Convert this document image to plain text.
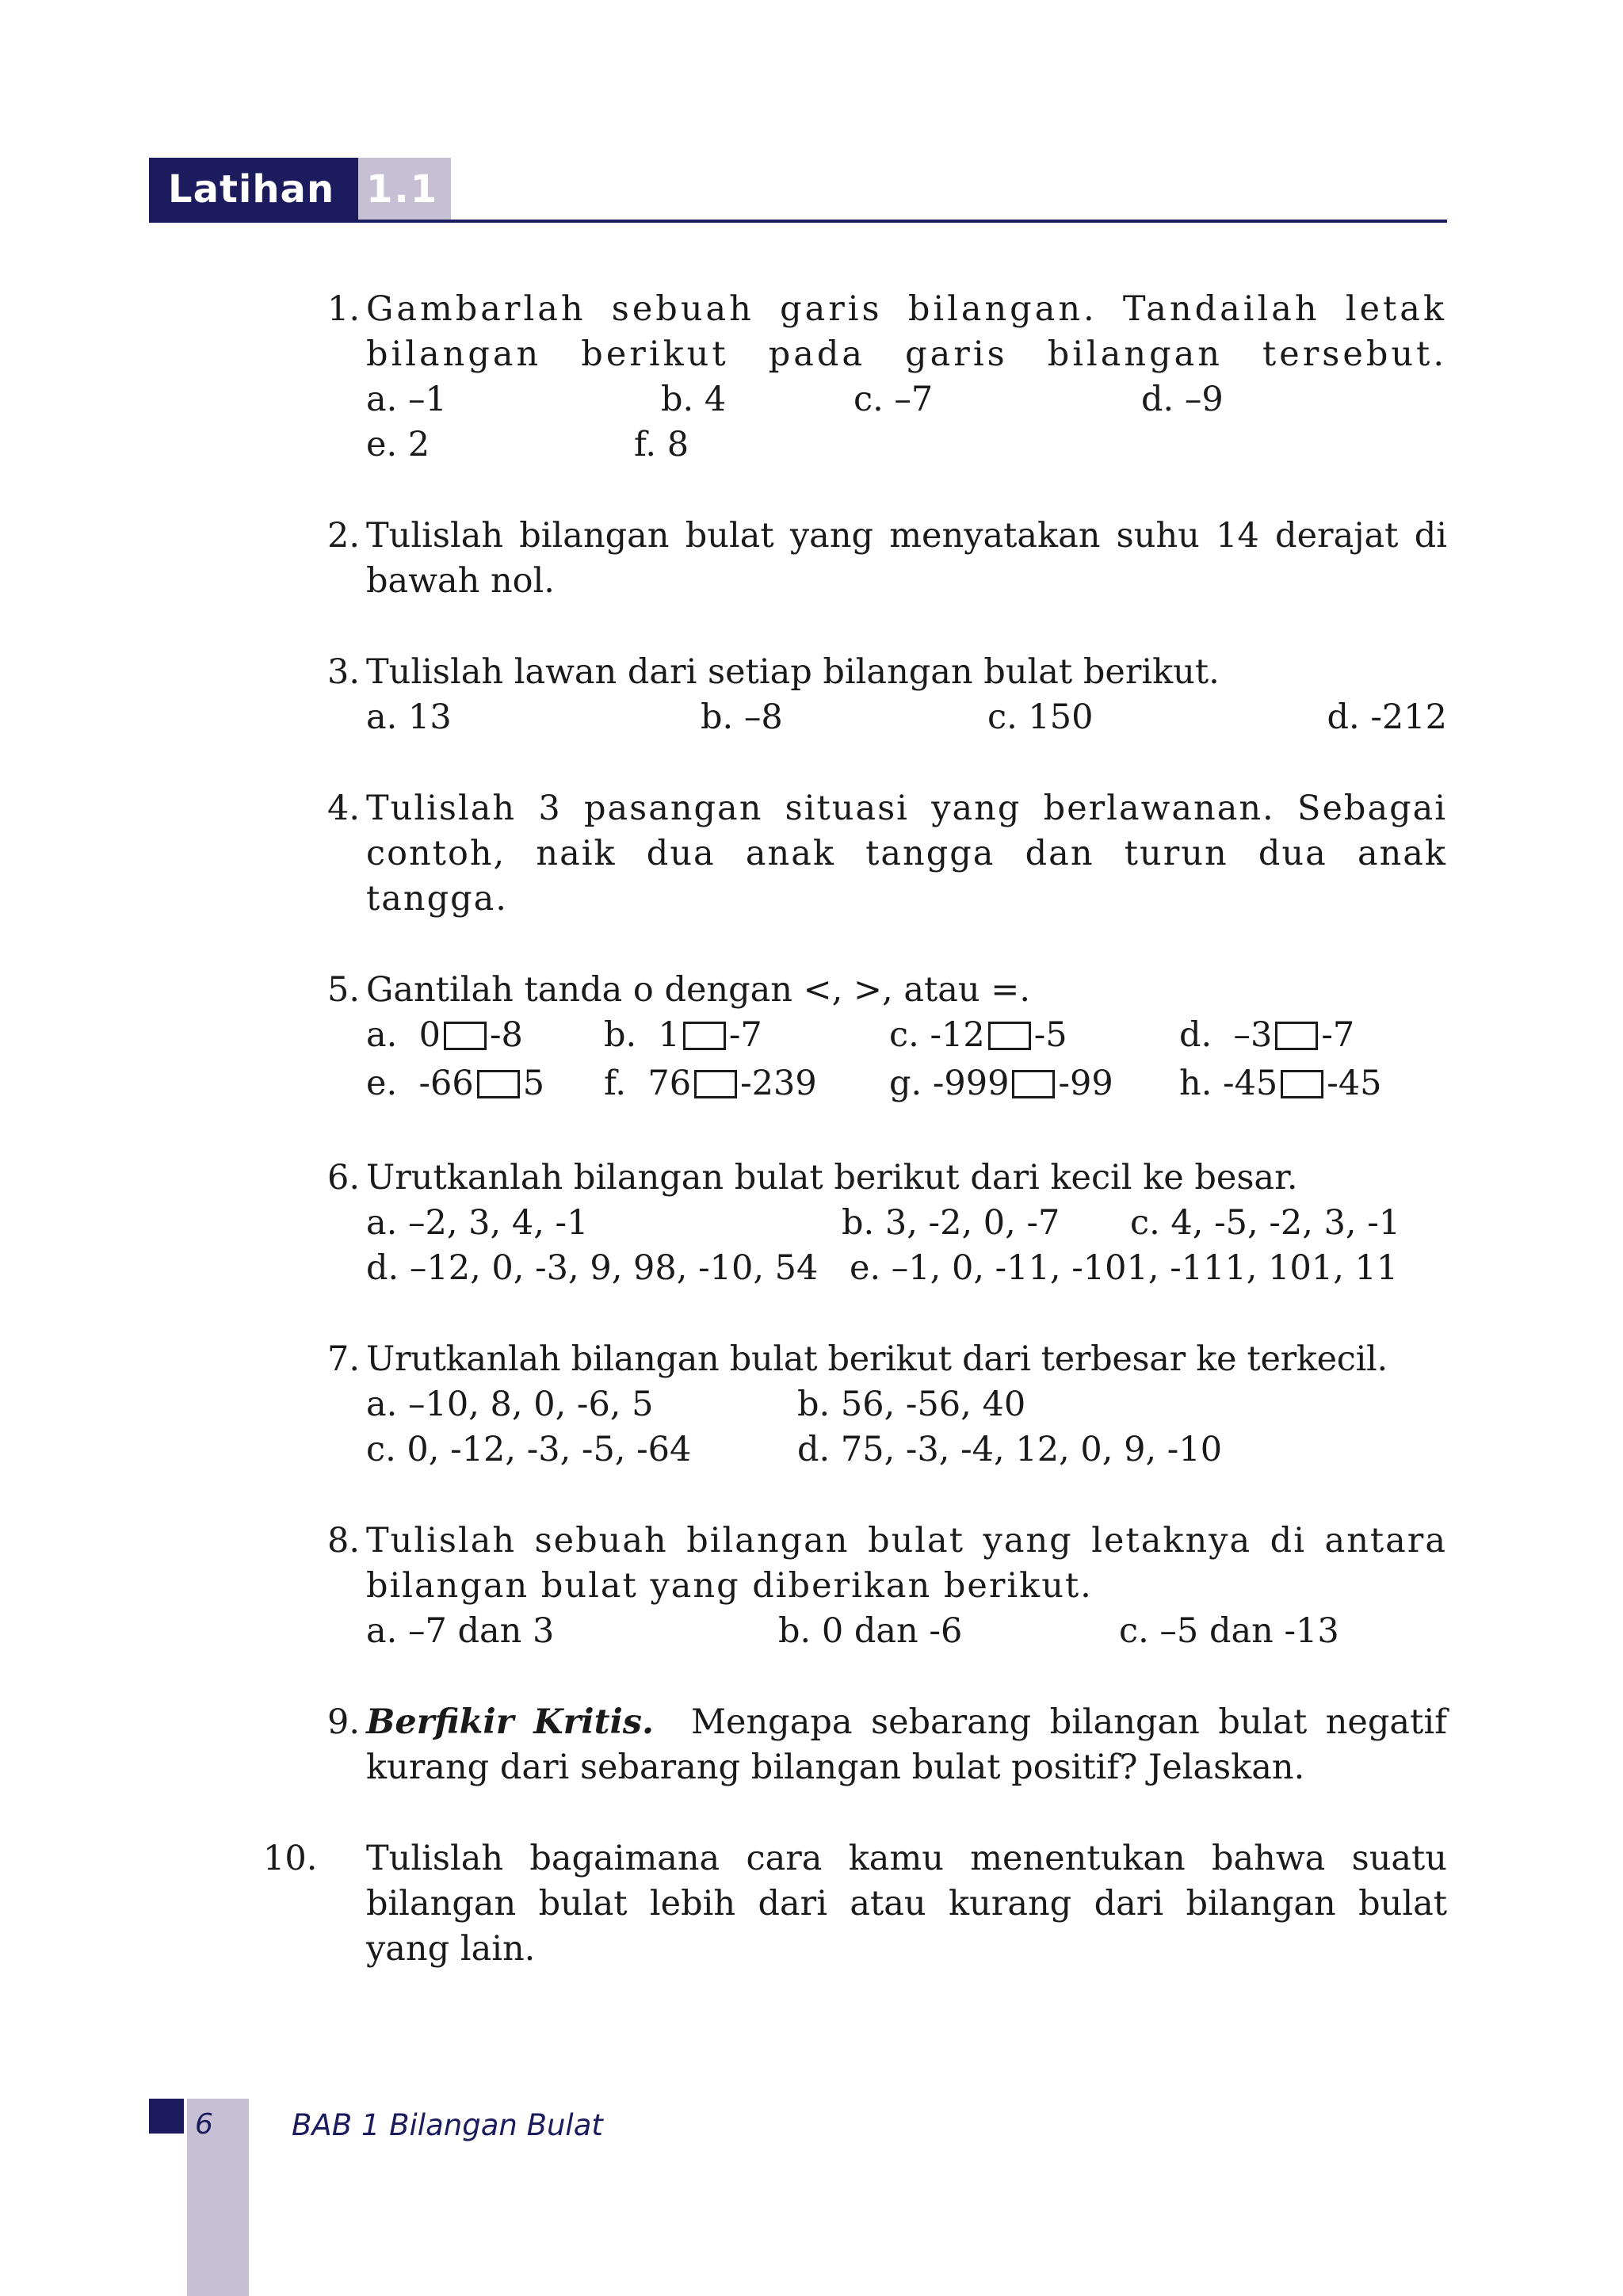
Latihan 1.1
1. Gambarlah sebuah garis bilangan. Tandailah letak bilangan berikut pada garis bilangan tersebut.
a. –1	b. 4	c. –7	d. –9
e. 2	f. 8
2. Tulislah bilangan bulat yang menyatakan suhu 14 derajat di bawah nol.
3. Tulislah lawan dari setiap bilangan bulat berikut.
a. 13	b. –8	c. 150	d. -212
4. Tulislah 3 pasangan situasi yang berlawanan. Sebagai contoh, naik dua anak tangga dan turun dua anak tangga.
5. Gantilah tanda o dengan <, >, atau =.
a. 0 -8 b. 1 -7	c. -12 -5	d. –3 -7
e. -66 5 f. 76 -239 g. -999 -99 h. -45 -45
6. Urutkanlah bilangan bulat berikut dari kecil ke besar.
a. –2, 3, 4, -1	b. 3, -2, 0, -7 c. 4, -5, -2, 3, -1
d. –12, 0, -3, 9, 98, -10, 54 e. –1, 0, -11, -101, -111, 101, 11
7. Urutkanlah bilangan bulat berikut dari terbesar ke terkecil.
a. –10, 8, 0, -6, 5	b. 56, -56, 40
c. 0, -12, -3, -5, -64	d. 75, -3, -4, 12, 0, 9, -10
8. Tulislah sebuah bilangan bulat yang letaknya di antara bilangan bulat yang diberikan berikut.
a. –7 dan 3	b. 0 dan -6	c. –5 dan -13
9. Berfikir Kritis. Mengapa sebarang bilangan bulat negatif kurang dari sebarang bilangan bulat positif? Jelaskan.
10.	Tulislah bagaimana cara kamu menentukan bahwa suatu bilangan bulat lebih dari atau kurang dari bilangan bulat yang lain.
6	BAB 1 Bilangan Bulat
